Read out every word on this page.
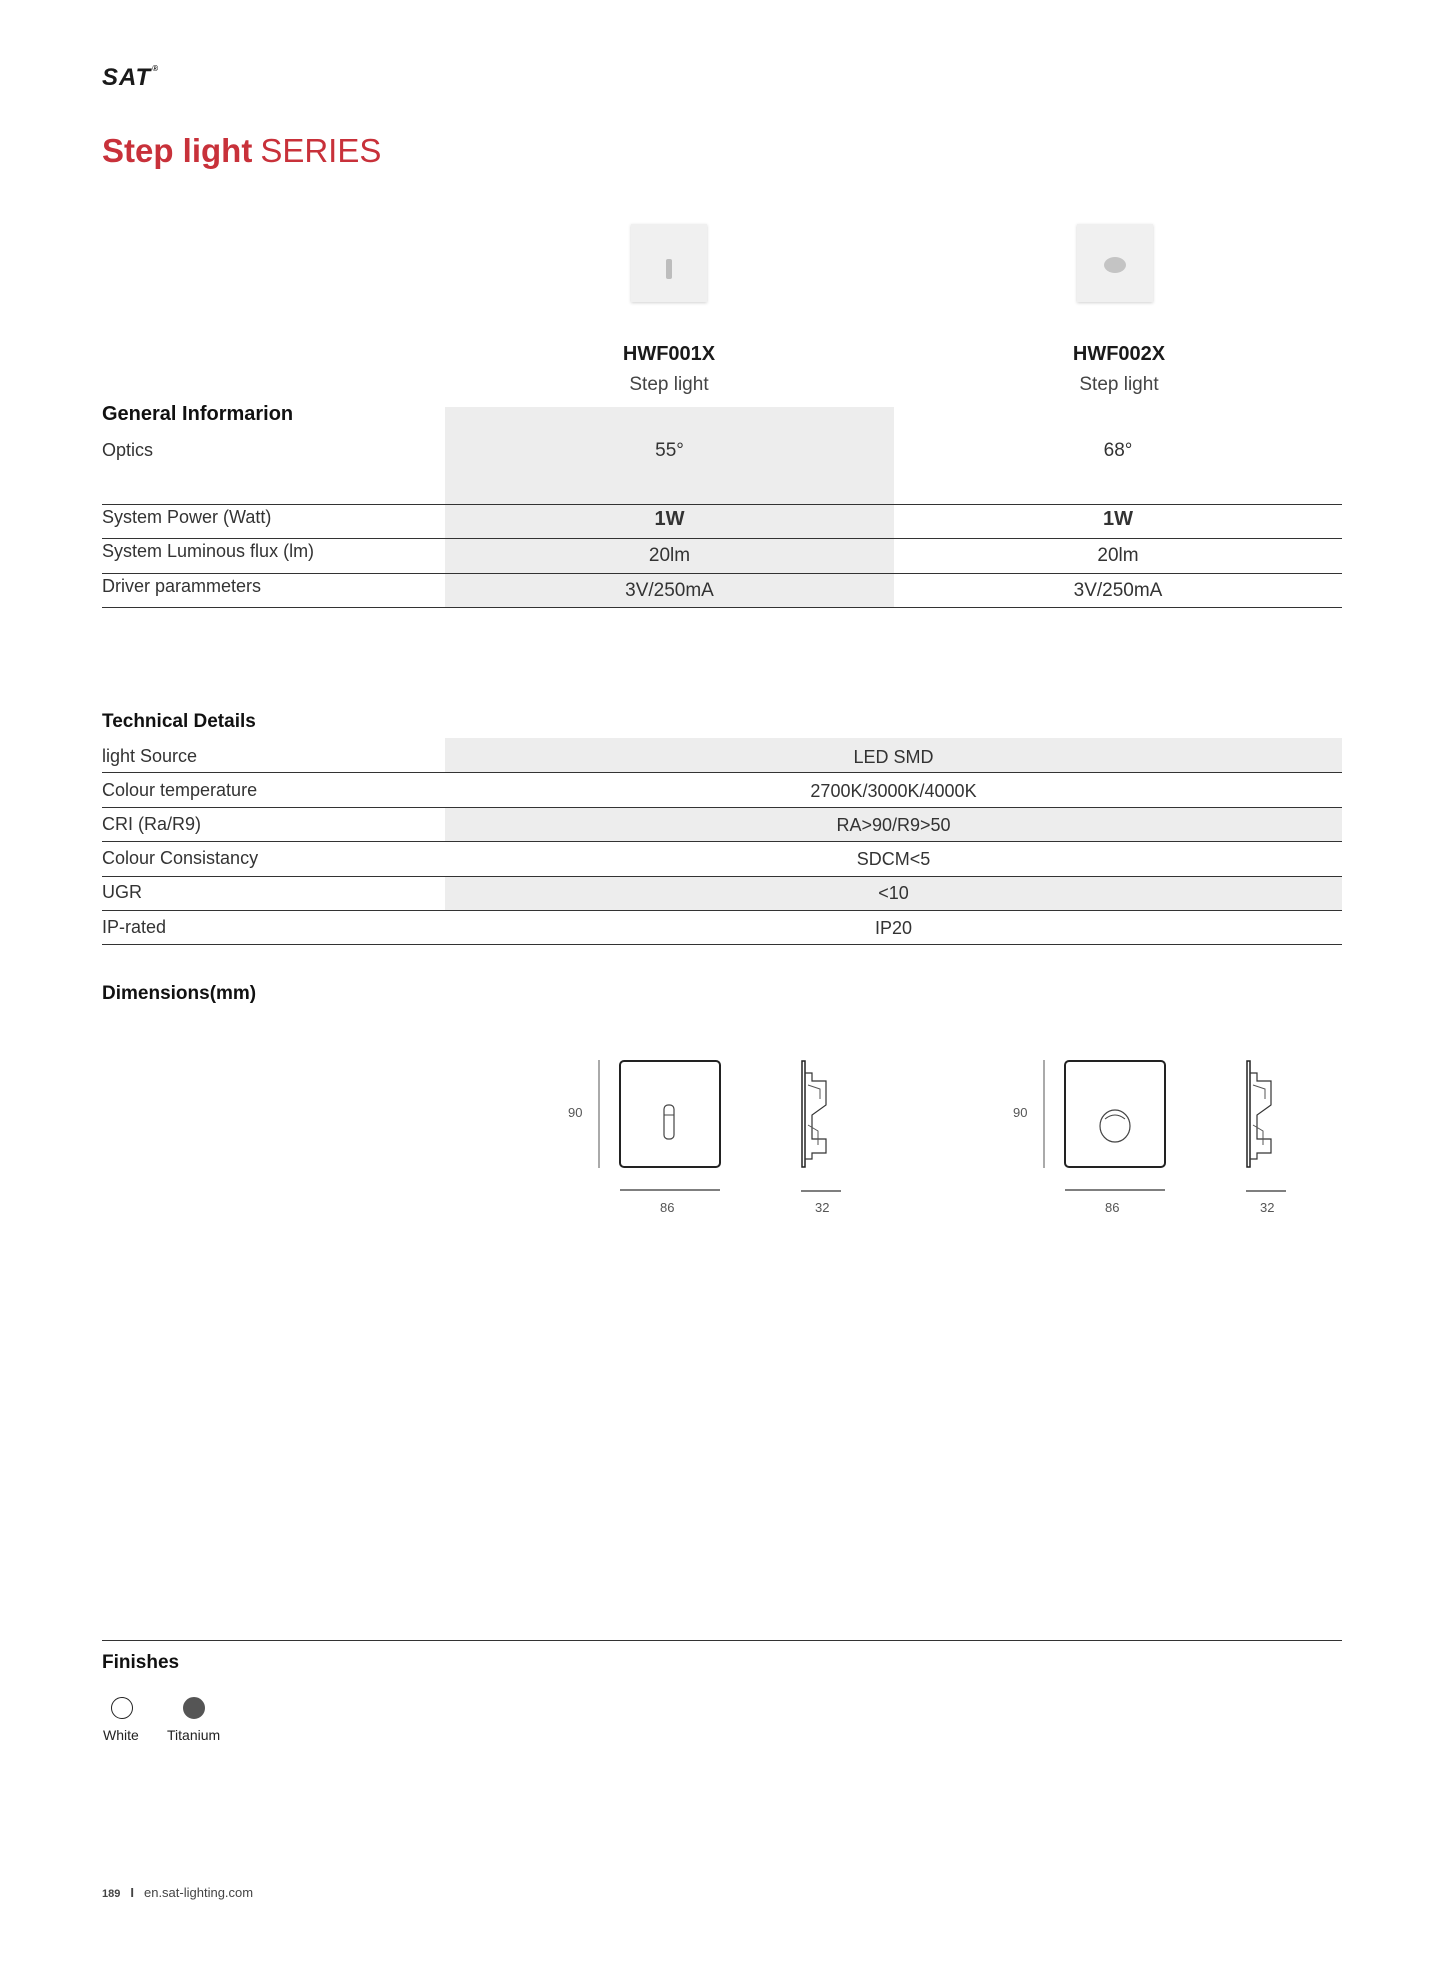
SAT®
Step light SERIES
HWF001X
Step light
HWF002X
Step light
General Informarion
Optics	55°	68°
System Power (Watt)	1W	1W
System Luminous flux (lm)	20lm	20lm
Driver parammeters	3V/250mA	3V/250mA
Technical Details
light Source	LED SMD
Colour temperature	2700K/3000K/4000K
CRI (Ra/R9)	RA>90/R9>50
Colour Consistancy	SDCM<5
UGR	<10
IP-rated	IP20
Dimensions(mm)
90
86	32
90
86	32
Finishes
White Titanium
189 I en.sat-lighting.com
